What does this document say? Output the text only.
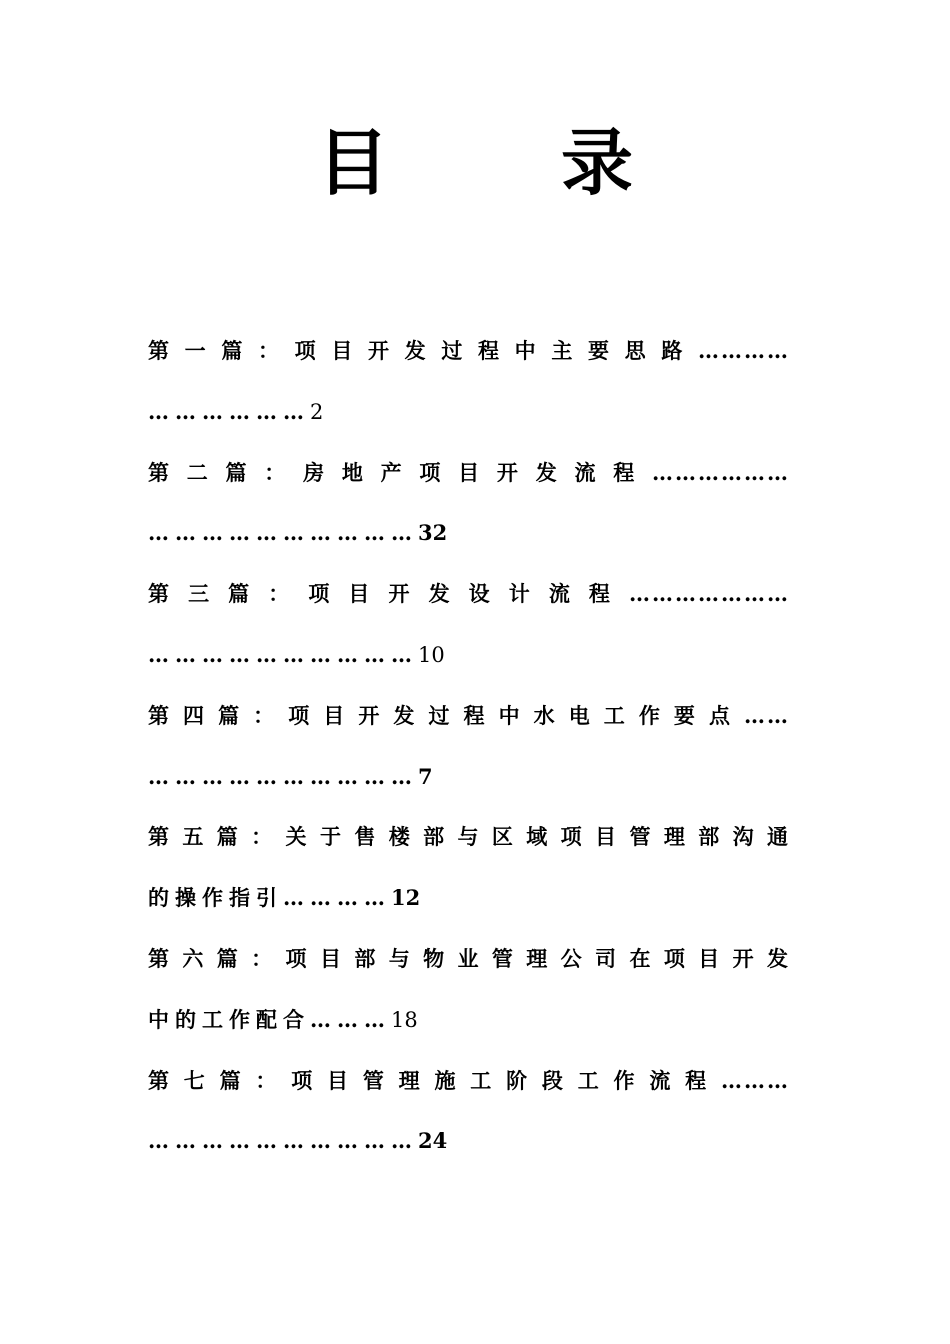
目　录
第一篇：项目开发过程中主要思路…………
………………2
第二篇：房地产项目开发流程………………
…………………………32
第三篇：项目开发设计流程…………………
…………………………10
第四篇：项目开发过程中水电工作要点……
…………………………7
第五篇：关于售楼部与区域项目管理部沟通
的操作指引…………12
第六篇：项目部与物业管理公司在项目开发
中的工作配合………18
第七篇：项目管理施工阶段工作流程………
…………………………24
